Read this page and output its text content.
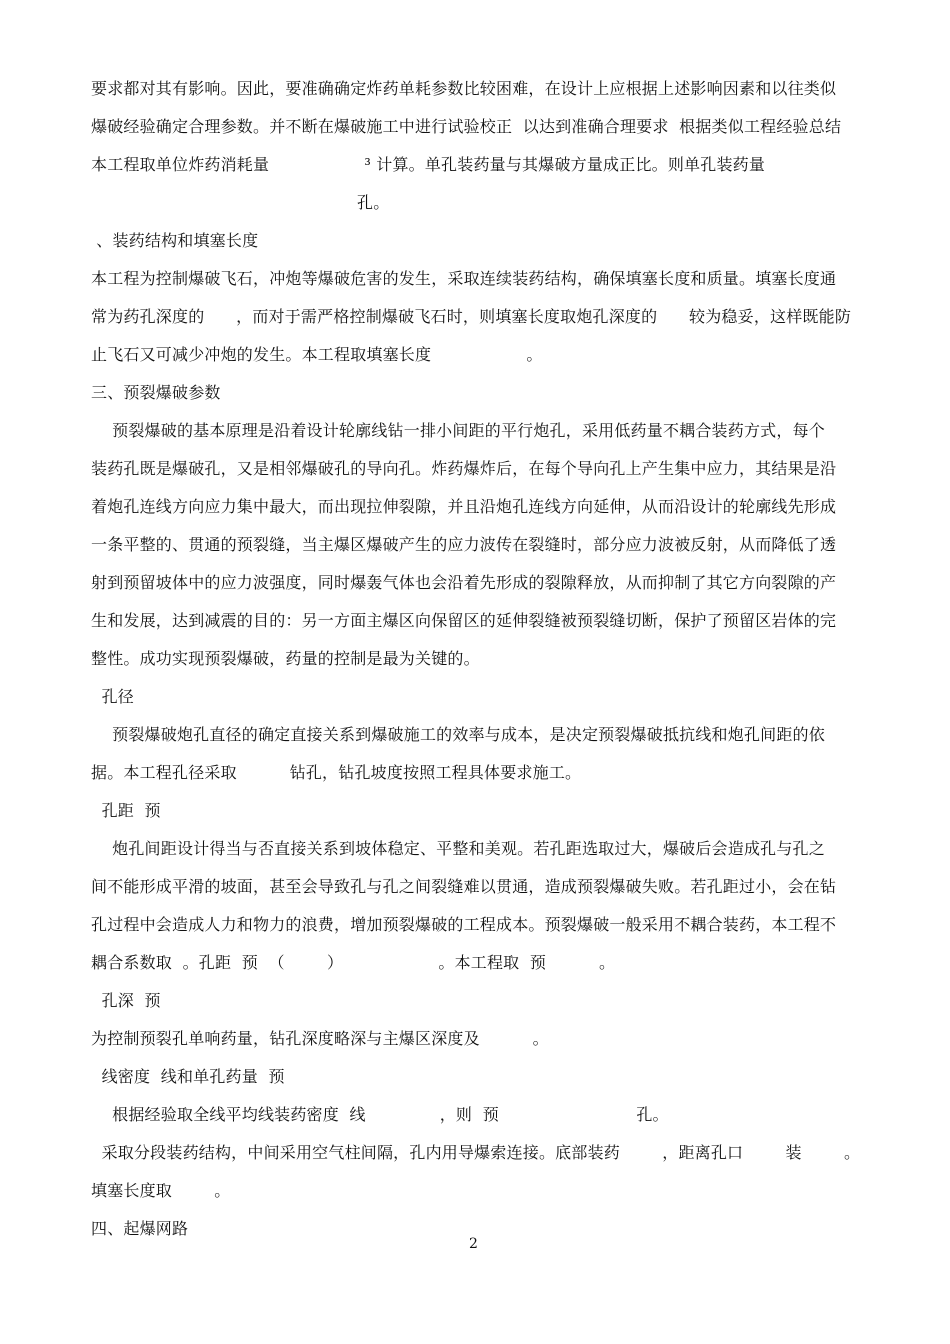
要求都对其有影响。因此，要准确确定炸药单耗参数比较困难，在设计上应根据上述影响因素和以往类似
爆破经验确定合理参数。并不断在爆破施工中进行试验校正  以达到准确合理要求  根据类似工程经验总结
本工程取单位炸药消耗量                  ³ 计算。单孔装药量与其爆破方量成正比。则单孔装药量
孔。
、装药结构和填塞长度
本工程为控制爆破飞石，冲炮等爆破危害的发生，采取连续装药结构，确保填塞长度和质量。填塞长度通
常为药孔深度的      ，而对于需严格控制爆破飞石时，则填塞长度取炮孔深度的      较为稳妥，这样既能防
止飞石又可减少冲炮的发生。本工程取填塞长度                  。
三、预裂爆破参数
预裂爆破的基本原理是沿着设计轮廓线钻一排小间距的平行炮孔，采用低药量不耦合装药方式，每个
装药孔既是爆破孔，又是相邻爆破孔的导向孔。炸药爆炸后，在每个导向孔上产生集中应力，其结果是沿
着炮孔连线方向应力集中最大，而出现拉伸裂隙，并且沿炮孔连线方向延伸，从而沿设计的轮廓线先形成
一条平整的、贯通的预裂缝，当主爆区爆破产生的应力波传在裂缝时，部分应力波被反射，从而降低了透
射到预留坡体中的应力波强度，同时爆轰气体也会沿着先形成的裂隙释放，从而抑制了其它方向裂隙的产
生和发展，达到减震的目的：另一方面主爆区向保留区的延伸裂缝被预裂缝切断，保护了预留区岩体的完
整性。成功实现预裂爆破，药量的控制是最为关键的。
孔径
预裂爆破炮孔直径的确定直接关系到爆破施工的效率与成本，是决定预裂爆破抵抗线和炮孔间距的依
据。本工程孔径采取          钻孔，钻孔坡度按照工程具体要求施工。
孔距  预
炮孔间距设计得当与否直接关系到坡体稳定、平整和美观。若孔距选取过大，爆破后会造成孔与孔之
间不能形成平滑的坡面，甚至会导致孔与孔之间裂缝难以贯通，造成预裂爆破失败。若孔距过小，会在钻
孔过程中会造成人力和物力的浪费，增加预裂爆破的工程成本。预裂爆破一般采用不耦合装药，本工程不
耦合系数取  。孔距  预  （        ）                  。本工程取  预          。
孔深  预
为控制预裂孔单响药量，钻孔深度略深与主爆区深度及          。
线密度  线和单孔药量  预
根据经验取全线平均线装药密度  线              ，则  预                          孔。
采取分段装药结构，中间采用空气柱间隔，孔内用导爆索连接。底部装药        ，距离孔口        装        。
填塞长度取        。
四、起爆网路
2
